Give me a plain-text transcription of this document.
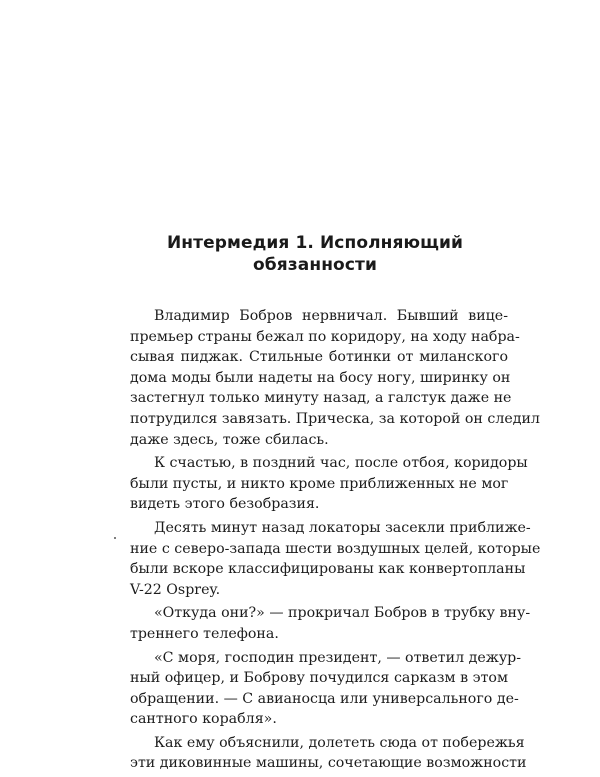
Интермедия 1. Исполняющий
обязанности
Владимир Бобров нервничал. Бывший вице-
премьер страны бежал по коридору, на ходу набра-
сывая пиджак. Стильные ботинки от миланского
дома моды были надеты на босу ногу, ширинку он
застегнул только минуту назад, а галстук даже не
потрудился завязать. Прическа, за которой он следил
даже здесь, тоже сбилась.
К счастью, в поздний час, после отбоя, коридоры
были пусты, и никто кроме приближенных не мог
видеть этого безобразия.
Десять минут назад локаторы засекли приближе-
ние с северо-запада шести воздушных целей, которые
были вскоре классифицированы как конвертопланы
V-22 Osprey.
«Откуда они?» — прокричал Бобров в трубку вну-
треннего телефона.
«С моря, господин президент, — ответил дежур-
ный офицер, и Боброву почудился сарказм в этом
обращении. — С авианосца или универсального де-
сантного корабля».
Как ему объяснили, долететь сюда от побережья
эти диковинные машины, сочетающие возможности
